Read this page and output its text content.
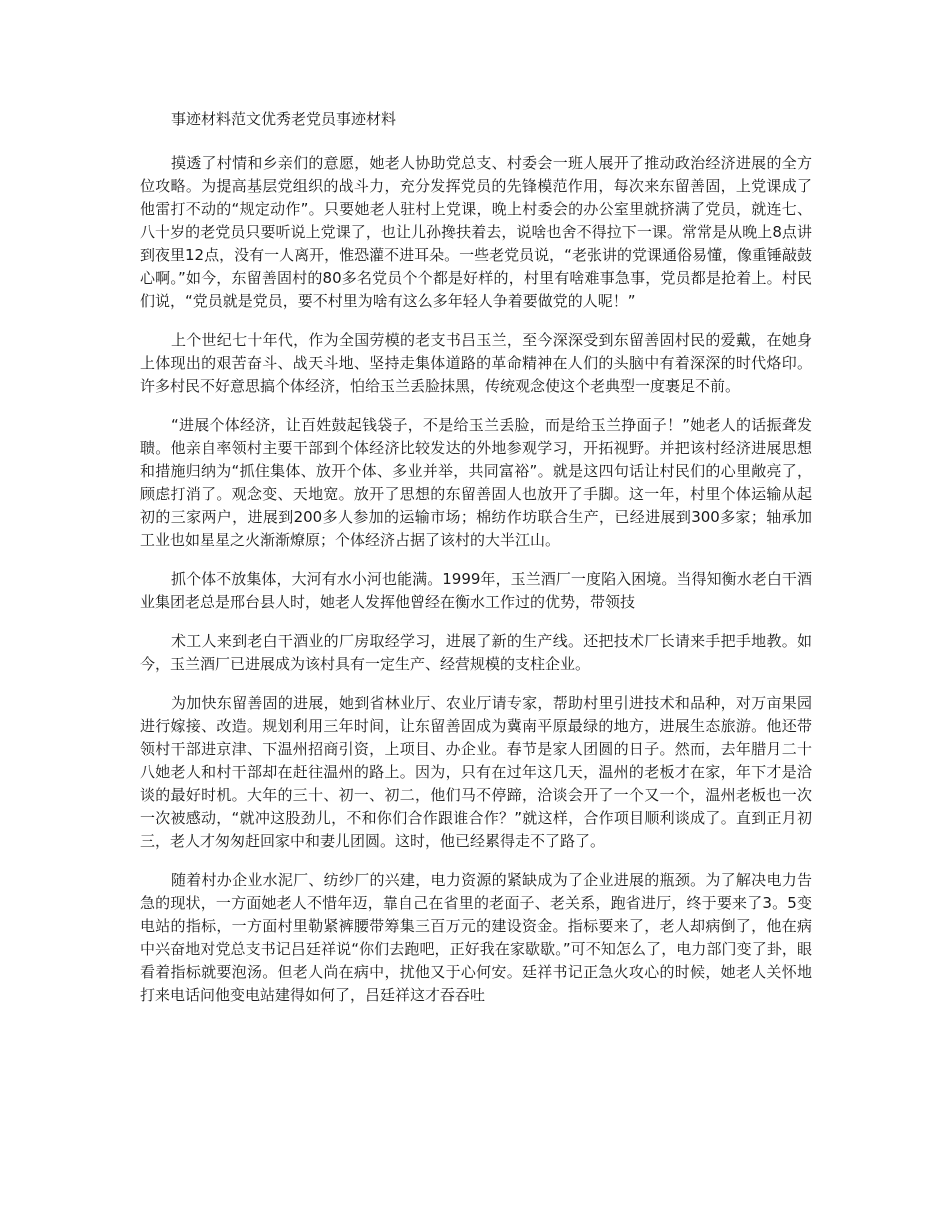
事迹材料范文优秀老党员事迹材料

摸透了村情和乡亲们的意愿，她老人协助党总支、村委会一班人展开了推动政治经济进展的全方位攻略。为提高基层党组织的战斗力，充分发挥党员的先锋模范作用，每次来东留善固，上党课成了他雷打不动的“规定动作”。只要她老人驻村上党课，晚上村委会的办公室里就挤满了党员，就连七、八十岁的老党员只要听说上党课了，也让儿孙搀扶着去，说啥也舍不得拉下一课。常常是从晚上8点讲到夜里12点，没有一人离开，惟恐灌不进耳朵。一些老党员说，“老张讲的党课通俗易懂，像重锤敲鼓心啊。”如今，东留善固村的80多名党员个个都是好样的，村里有啥难事急事，党员都是抢着上。村民们说，“党员就是党员，要不村里为啥有这么多年轻人争着要做党的人呢！”

上个世纪七十年代，作为全国劳模的老支书吕玉兰，至今深深受到东留善固村民的爱戴，在她身上体现出的艰苦奋斗、战天斗地、坚持走集体道路的革命精神在人们的头脑中有着深深的时代烙印。许多村民不好意思搞个体经济，怕给玉兰丢脸抹黑，传统观念使这个老典型一度裹足不前。

“进展个体经济，让百姓鼓起钱袋子，不是给玉兰丢脸，而是给玉兰挣面子！”她老人的话振聋发聩。他亲自率领村主要干部到个体经济比较发达的外地参观学习，开拓视野。并把该村经济进展思想和措施归纳为“抓住集体、放开个体、多业并举，共同富裕”。就是这四句话让村民们的心里敞亮了，顾虑打消了。观念变、天地宽。放开了思想的东留善固人也放开了手脚。这一年，村里个体运输从起初的三家两户，进展到200多人参加的运输市场；棉纺作坊联合生产，已经进展到300多家；轴承加工业也如星星之火渐渐燎原；个体经济占据了该村的大半江山。

抓个体不放集体，大河有水小河也能满。1999年，玉兰酒厂一度陷入困境。当得知衡水老白干酒业集团老总是邢台县人时，她老人发挥他曾经在衡水工作过的优势，带领技

术工人来到老白干酒业的厂房取经学习，进展了新的生产线。还把技术厂长请来手把手地教。如今，玉兰酒厂已进展成为该村具有一定生产、经营规模的支柱企业。

为加快东留善固的进展，她到省林业厅、农业厅请专家，帮助村里引进技术和品种，对万亩果园进行嫁接、改造。规划利用三年时间，让东留善固成为冀南平原最绿的地方，进展生态旅游。他还带领村干部进京津、下温州招商引资，上项目、办企业。春节是家人团圆的日子。然而，去年腊月二十八她老人和村干部却在赶往温州的路上。因为，只有在过年这几天，温州的老板才在家，年下才是洽谈的最好时机。大年的三十、初一、初二，他们马不停蹄，洽谈会开了一个又一个，温州老板也一次一次被感动，“就冲这股劲儿，不和你们合作跟谁合作？”就这样，合作项目顺利谈成了。直到正月初三，老人才匆匆赶回家中和妻儿团圆。这时，他已经累得走不了路了。

随着村办企业水泥厂、纺纱厂的兴建，电力资源的紧缺成为了企业进展的瓶颈。为了解决电力告急的现状，一方面她老人不惜年迈，靠自己在省里的老面子、老关系，跑省进厅，终于要来了3。5变电站的指标，一方面村里勒紧裤腰带筹集三百万元的建设资金。指标要来了，老人却病倒了，他在病中兴奋地对党总支书记吕廷祥说“你们去跑吧，正好我在家歇歇。”可不知怎么了，电力部门变了卦，眼看着指标就要泡汤。但老人尚在病中，扰他又于心何安。廷祥书记正急火攻心的时候，她老人关怀地打来电话问他变电站建得如何了，吕廷祥这才吞吞吐
